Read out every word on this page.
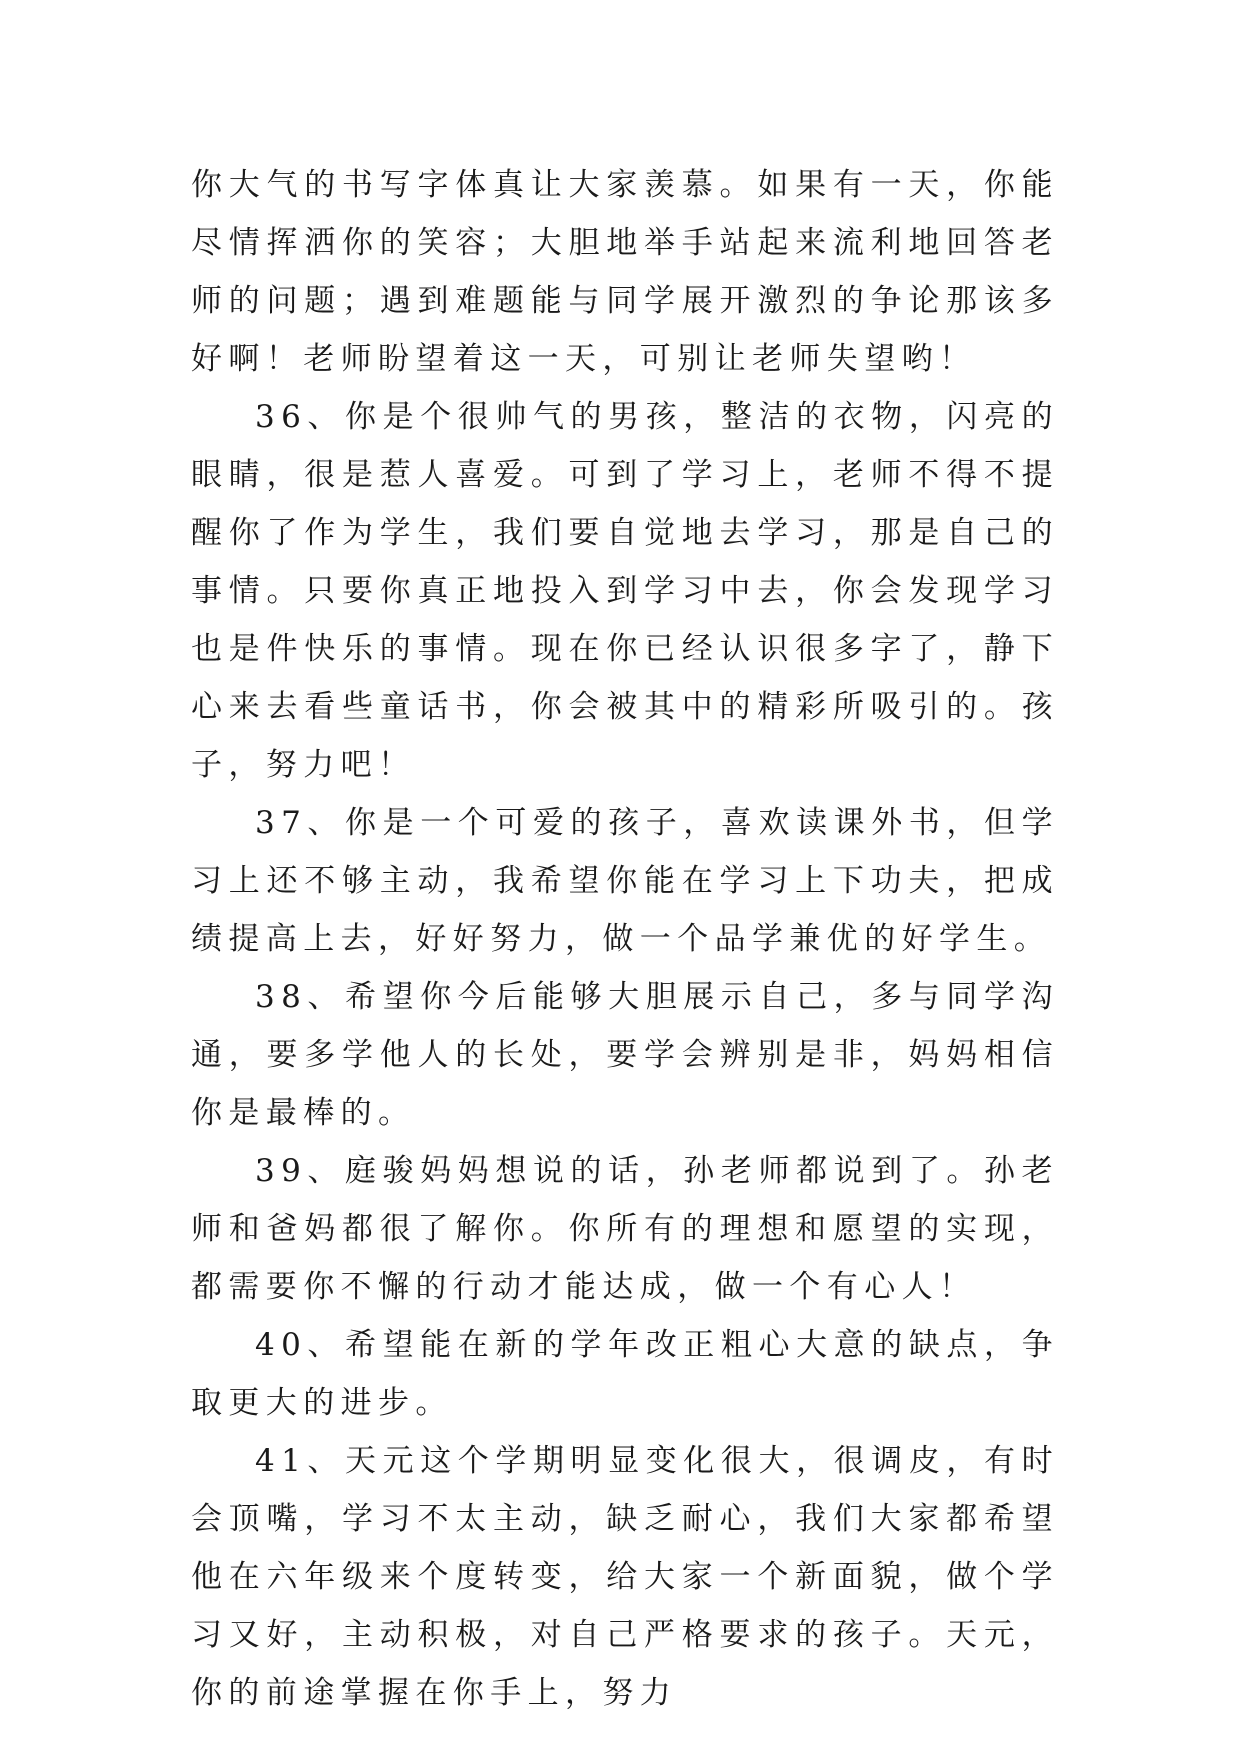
你大气的书写字体真让大家羡慕。如果有一天，你能尽情挥洒你的笑容；大胆地举手站起来流利地回答老师的问题；遇到难题能与同学展开激烈的争论那该多好啊！老师盼望着这一天，可别让老师失望哟！

36、你是个很帅气的男孩，整洁的衣物，闪亮的眼睛，很是惹人喜爱。可到了学习上，老师不得不提醒你了作为学生，我们要自觉地去学习，那是自己的事情。只要你真正地投入到学习中去，你会发现学习也是件快乐的事情。现在你已经认识很多字了，静下心来去看些童话书，你会被其中的精彩所吸引的。孩子，努力吧！

37、你是一个可爱的孩子，喜欢读课外书，但学习上还不够主动，我希望你能在学习上下功夫，把成绩提高上去，好好努力，做一个品学兼优的好学生。

38、希望你今后能够大胆展示自己，多与同学沟通，要多学他人的长处，要学会辨别是非，妈妈相信你是最棒的。

39、庭骏妈妈想说的话，孙老师都说到了。孙老师和爸妈都很了解你。你所有的理想和愿望的实现，都需要你不懈的行动才能达成，做一个有心人！

40、希望能在新的学年改正粗心大意的缺点，争取更大的进步。

41、天元这个学期明显变化很大，很调皮，有时会顶嘴，学习不太主动，缺乏耐心，我们大家都希望他在六年级来个度转变，给大家一个新面貌，做个学习又好，主动积极，对自己严格要求的孩子。天元，你的前途掌握在你手上，努力
